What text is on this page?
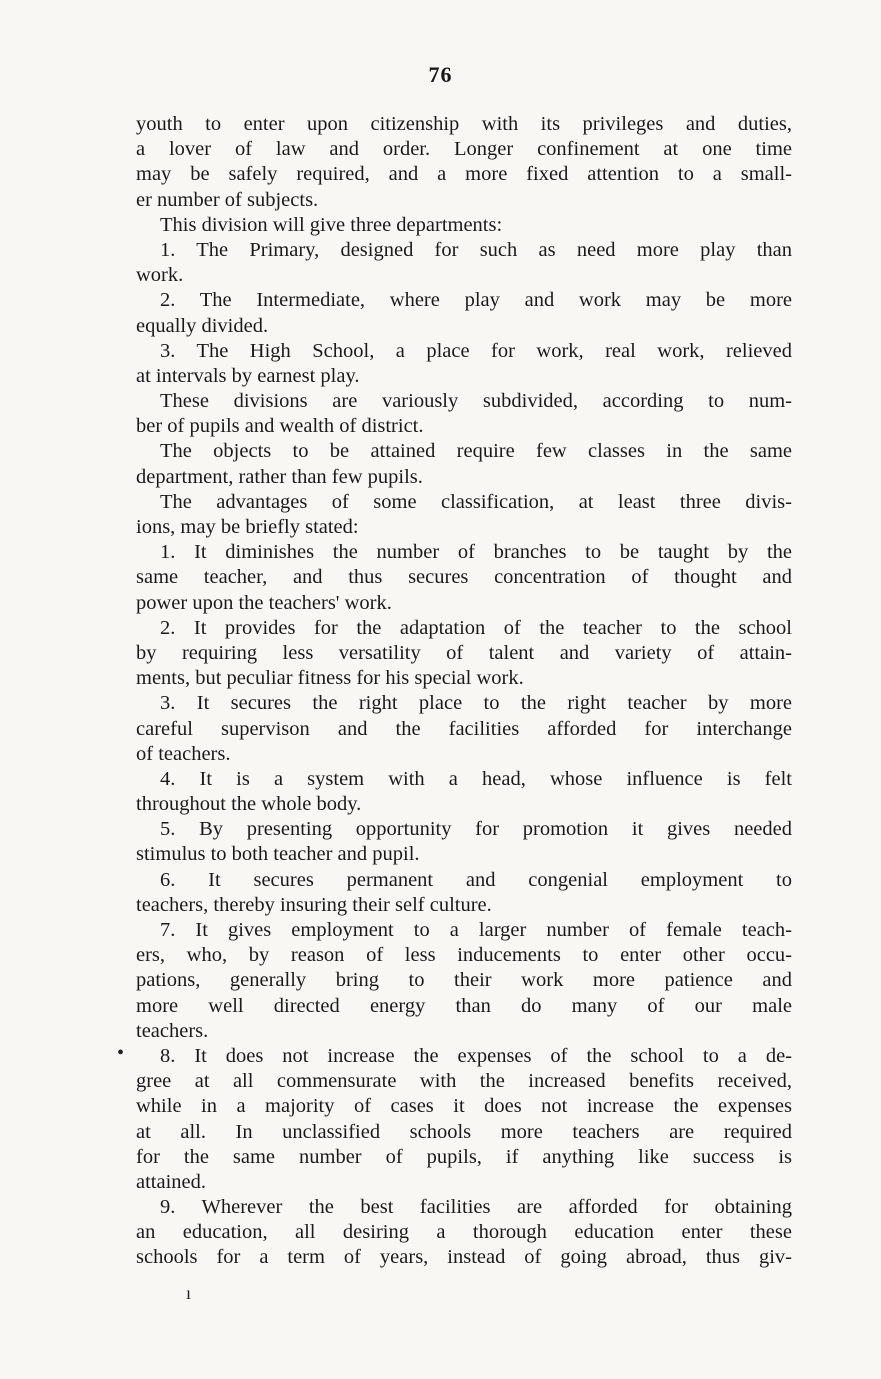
76
youth to enter upon citizenship with its privileges and duties,
a lover of law and order. Longer confinement at one time
may be safely required, and a more fixed attention to a small-
er number of subjects.
This division will give three departments:
1. The Primary, designed for such as need more play than
work.
2. The Intermediate, where play and work may be more
equally divided.
3. The High School, a place for work, real work, relieved
at intervals by earnest play.
These divisions are variously subdivided, according to num-
ber of pupils and wealth of district.
The objects to be attained require few classes in the same
department, rather than few pupils.
The advantages of some classification, at least three divis-
ions, may be briefly stated:
1. It diminishes the number of branches to be taught by the
same teacher, and thus secures concentration of thought and
power upon the teachers' work.
2. It provides for the adaptation of the teacher to the school
by requiring less versatility of talent and variety of attain-
ments, but peculiar fitness for his special work.
3. It secures the right place to the right teacher by more
careful supervison and the facilities afforded for interchange
of teachers.
4. It is a system with a head, whose influence is felt
throughout the whole body.
5. By presenting opportunity for promotion it gives needed
stimulus to both teacher and pupil.
6. It secures permanent and congenial employment to
teachers, thereby insuring their self culture.
7. It gives employment to a larger number of female teach-
ers, who, by reason of less inducements to enter other occu-
pations, generally bring to their work more patience and
more well directed energy than do many of our male
teachers.
8. It does not increase the expenses of the school to a de-
gree at all commensurate with the increased benefits received,
while in a majority of cases it does not increase the expenses
at all. In unclassified schools more teachers are required
for the same number of pupils, if anything like success is
attained.
9. Wherever the best facilities are afforded for obtaining
an education, all desiring a thorough education enter these
schools for a term of years, instead of going abroad, thus giv-
•
ı
